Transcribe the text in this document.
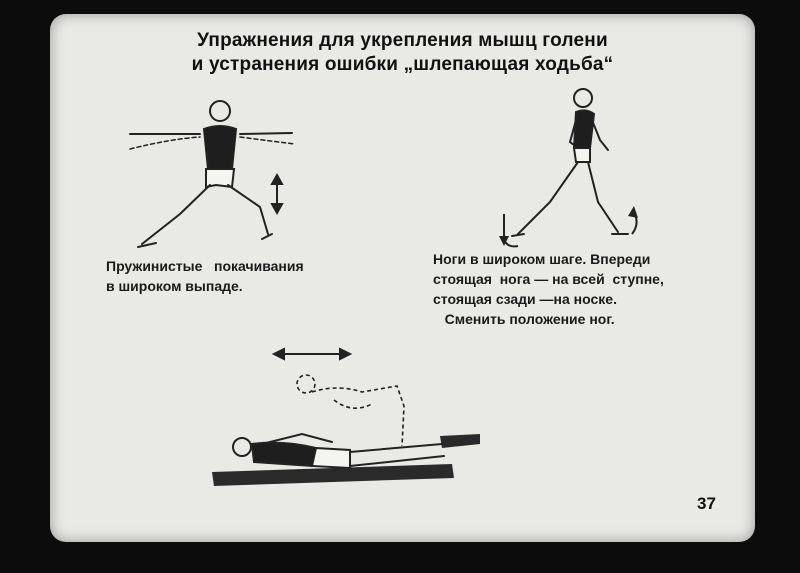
Упражнения для укрепления мышц голени
и устранения ошибки „шлепающая ходьба“
Пружинистые   покачивания
в широком выпаде.
Ноги в широком шаге. Впереди
стоящая  нога — на всей  ступне,
стоящая сзади —на носке.
Сменить положение ног.
37
